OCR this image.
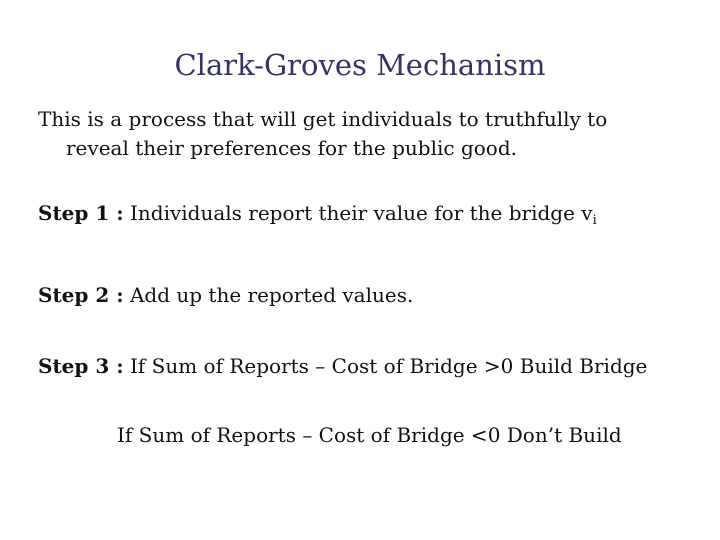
Clark-Groves Mechanism
This is a process that will get individuals to truthfully to
reveal their preferences for the public good.
Step 1 : Individuals report their value for the bridge $v_i$
Step 2 : Add up the reported values.
Step 3 : If Sum of Reports – Cost of Bridge >0 Build Bridge
If Sum of Reports – Cost of Bridge <0 Don’t Build
